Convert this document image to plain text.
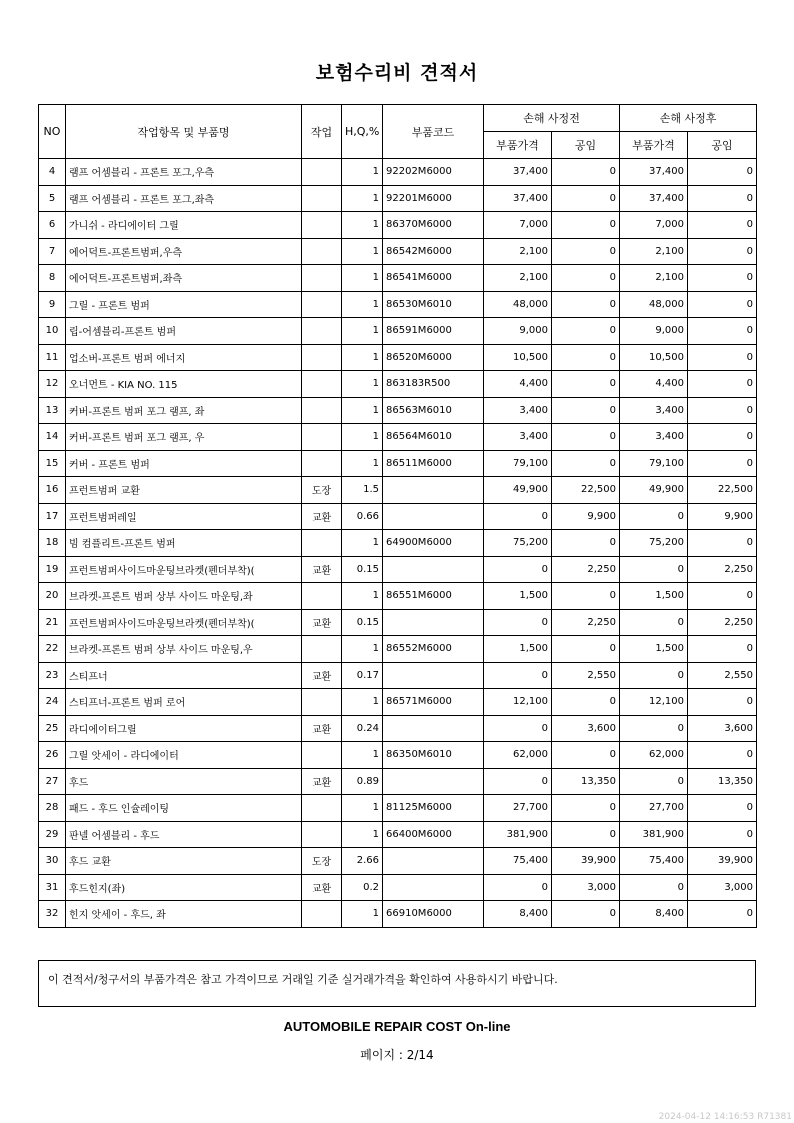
보험수리비 견적서
NO	작업항목 및 부품명	작업	H,Q,%	부품코드	손해 사정전		손해 사정후	
					부품가격	공임	부품가격	공임
4	램프 어셈블리 - 프론트 포그,우측		1	92202M6000	37,400	0	37,400	0
5	램프 어셈블리 - 프론트 포그,좌측		1	92201M6000	37,400	0	37,400	0
6	가니쉬 - 라디에이터 그릴		1	86370M6000	7,000	0	7,000	0
7	에어덕트-프론트범퍼,우측		1	86542M6000	2,100	0	2,100	0
8	에어덕트-프론트범퍼,좌측		1	86541M6000	2,100	0	2,100	0
9	그릴 - 프론트 범퍼		1	86530M6010	48,000	0	48,000	0
10	립-어셈블리-프론트 범퍼		1	86591M6000	9,000	0	9,000	0
11	업소버-프론트 범퍼 에너지		1	86520M6000	10,500	0	10,500	0
12	오너먼트 - KIA NO. 115		1	863183R500	4,400	0	4,400	0
13	커버-프론트 범퍼 포그 램프, 좌		1	86563M6010	3,400	0	3,400	0
14	커버-프론트 범퍼 포그 램프, 우		1	86564M6010	3,400	0	3,400	0
15	커버 - 프론트 범퍼		1	86511M6000	79,100	0	79,100	0
16	프런트범퍼 교환	도장	1.5		49,900	22,500	49,900	22,500
17	프런트범퍼레일	교환	0.66		0	9,900	0	9,900
18	빔 컴플리트-프론트 범퍼		1	64900M6000	75,200	0	75,200	0
19	프런트범퍼사이드마운팅브라켓(펜더부착)(	교환	0.15		0	2,250	0	2,250
20	브라켓-프론트 범퍼 상부 사이드 마운팅,좌		1	86551M6000	1,500	0	1,500	0
21	프런트범퍼사이드마운팅브라켓(펜더부착)(	교환	0.15		0	2,250	0	2,250
22	브라켓-프론트 범퍼 상부 사이드 마운팅,우		1	86552M6000	1,500	0	1,500	0
23	스티프너	교환	0.17		0	2,550	0	2,550
24	스티프너-프론트 범퍼 로어		1	86571M6000	12,100	0	12,100	0
25	라디에이터그릴	교환	0.24		0	3,600	0	3,600
26	그릴 앗세이 - 라디에이터		1	86350M6010	62,000	0	62,000	0
27	후드	교환	0.89		0	13,350	0	13,350
28	패드 - 후드 인슐레이팅		1	81125M6000	27,700	0	27,700	0
29	판넬 어셈블리 - 후드		1	66400M6000	381,900	0	381,900	0
30	후드 교환	도장	2.66		75,400	39,900	75,400	39,900
31	후드힌지(좌)	교환	0.2		0	3,000	0	3,000
32	힌지 앗세이 - 후드, 좌		1	66910M6000	8,400	0	8,400	0
이 견적서/청구서의 부품가격은 참고 가격이므로 거래일 기준 실거래가격을 확인하여 사용하시기 바랍니다.
AUTOMOBILE REPAIR COST On-line
페이지 : 2/14
2024-04-12 14:16:53 R71381
